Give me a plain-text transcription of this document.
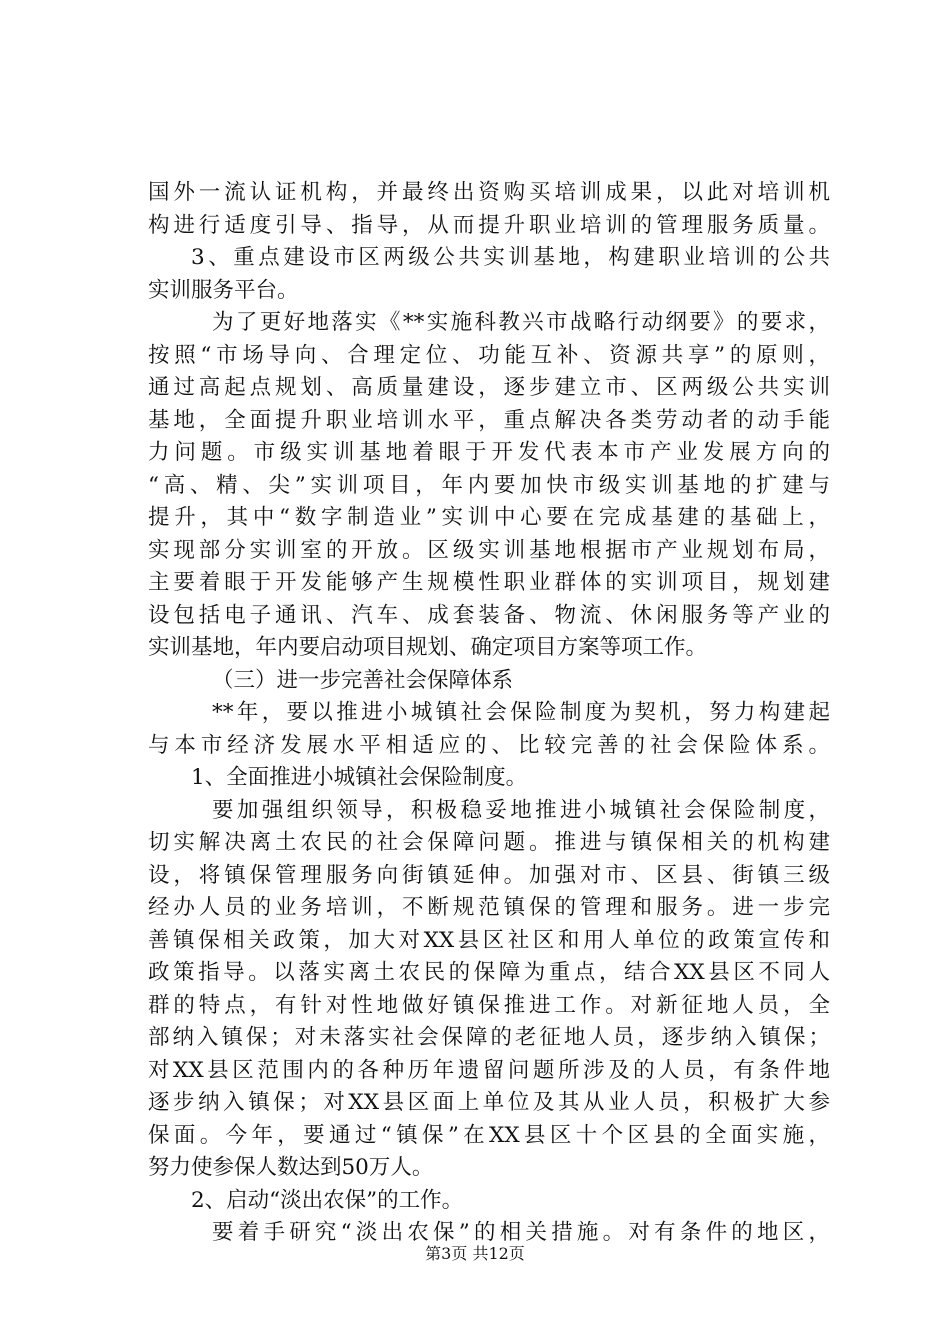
国外一流认证机构，并最终出资购买培训成果，以此对培训机
构进行适度引导、指导，从而提升职业培训的管理服务质量。
3、重点建设市区两级公共实训基地，构建职业培训的公共
实训服务平台。
为了更好地落实《**实施科教兴市战略行动纲要》的要求，
按照“市场导向、合理定位、功能互补、资源共享”的原则，
通过高起点规划、高质量建设，逐步建立市、区两级公共实训
基地，全面提升职业培训水平，重点解决各类劳动者的动手能
力问题。市级实训基地着眼于开发代表本市产业发展方向的
“高、精、尖”实训项目，年内要加快市级实训基地的扩建与
提升，其中“数字制造业”实训中心要在完成基建的基础上，
实现部分实训室的开放。区级实训基地根据市产业规划布局，
主要着眼于开发能够产生规模性职业群体的实训项目，规划建
设包括电子通讯、汽车、成套装备、物流、休闲服务等产业的
实训基地，年内要启动项目规划、确定项目方案等项工作。
（三）进一步完善社会保障体系
**年，要以推进小城镇社会保险制度为契机，努力构建起
与本市经济发展水平相适应的、比较完善的社会保险体系。
1、全面推进小城镇社会保险制度。
要加强组织领导，积极稳妥地推进小城镇社会保险制度，
切实解决离土农民的社会保障问题。推进与镇保相关的机构建
设，将镇保管理服务向街镇延伸。加强对市、区县、街镇三级
经办人员的业务培训，不断规范镇保的管理和服务。进一步完
善镇保相关政策，加大对XX县区社区和用人单位的政策宣传和
政策指导。以落实离土农民的保障为重点，结合XX县区不同人
群的特点，有针对性地做好镇保推进工作。对新征地人员，全
部纳入镇保；对未落实社会保障的老征地人员，逐步纳入镇保；
对XX县区范围内的各种历年遗留问题所涉及的人员，有条件地
逐步纳入镇保；对XX县区面上单位及其从业人员，积极扩大参
保面。今年，要通过“镇保”在XX县区十个区县的全面实施，
努力使参保人数达到50万人。
2、启动“淡出农保”的工作。
要着手研究“淡出农保”的相关措施。对有条件的地区，
第3页 共12页
